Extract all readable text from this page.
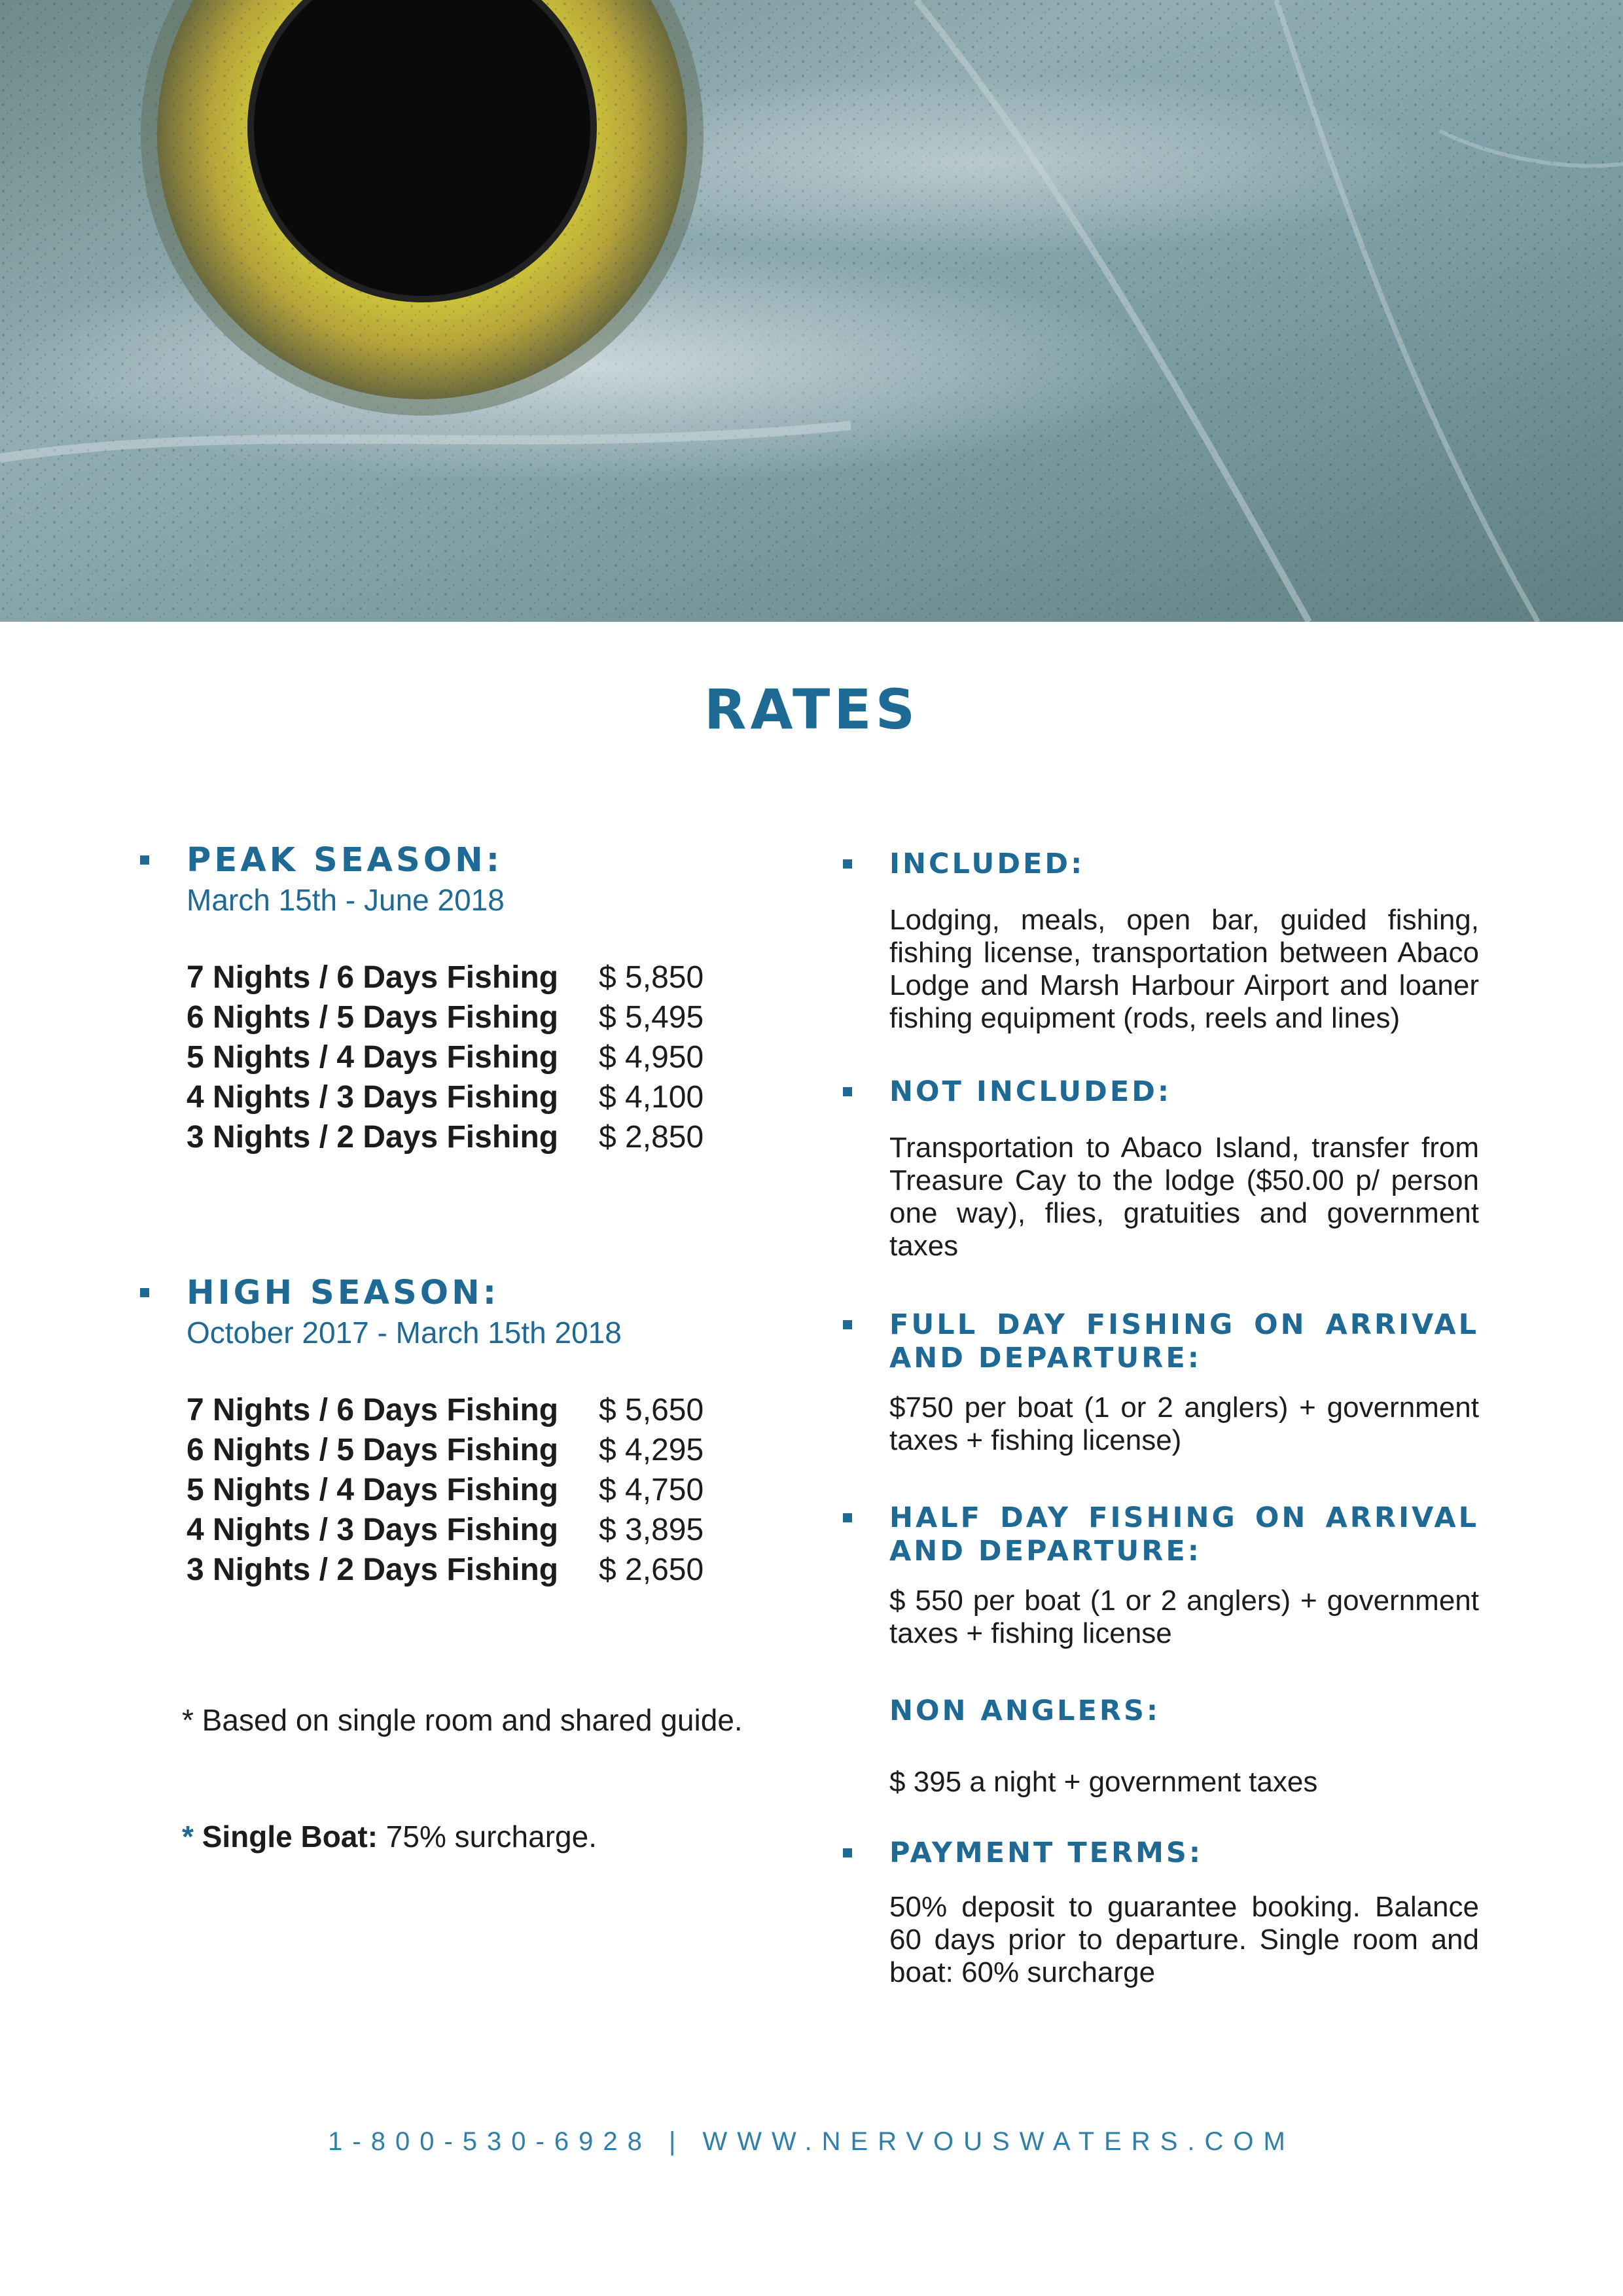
RATES
PEAK SEASON:
March 15th - June 2018
7 Nights / 6 Days Fishing	$ 5,850
6 Nights / 5 Days Fishing	$ 5,495
5 Nights / 4 Days Fishing	$ 4,950
4 Nights / 3 Days Fishing	$ 4,100
3 Nights / 2 Days Fishing	$ 2,850
HIGH SEASON:
October 2017 - March 15th 2018
7 Nights / 6 Days Fishing	$ 5,650
6 Nights / 5 Days Fishing	$ 4,295
5 Nights / 4 Days Fishing	$ 4,750
4 Nights / 3 Days Fishing	$ 3,895
3 Nights / 2 Days Fishing	$ 2,650
* Based on single room and shared guide.
* Single Boat: 75% surcharge.
INCLUDED:
Lodging, meals, open bar, guided fishing, fishing license, transportation between Abaco Lodge and Marsh Harbour Airport and loaner fishing equipment (rods, reels and lines)
NOT INCLUDED:
Transportation to Abaco Island, transfer from Treasure Cay to the lodge ($50.00 p/ person one way), flies, gratuities and government taxes
FULL DAY FISHING ON ARRIVAL AND DEPARTURE:
$750 per boat (1 or 2 anglers) + government taxes + fishing license)
HALF DAY FISHING ON ARRIVAL AND DEPARTURE:
$ 550 per boat (1 or 2 anglers) + government taxes + fishing license
NON ANGLERS:
$ 395 a night + government taxes
PAYMENT TERMS:
50% deposit to guarantee booking. Balance 60 days prior to departure. Single room and boat: 60% surcharge
1-800-530-6928 | WWW.NERVOUSWATERS.COM
